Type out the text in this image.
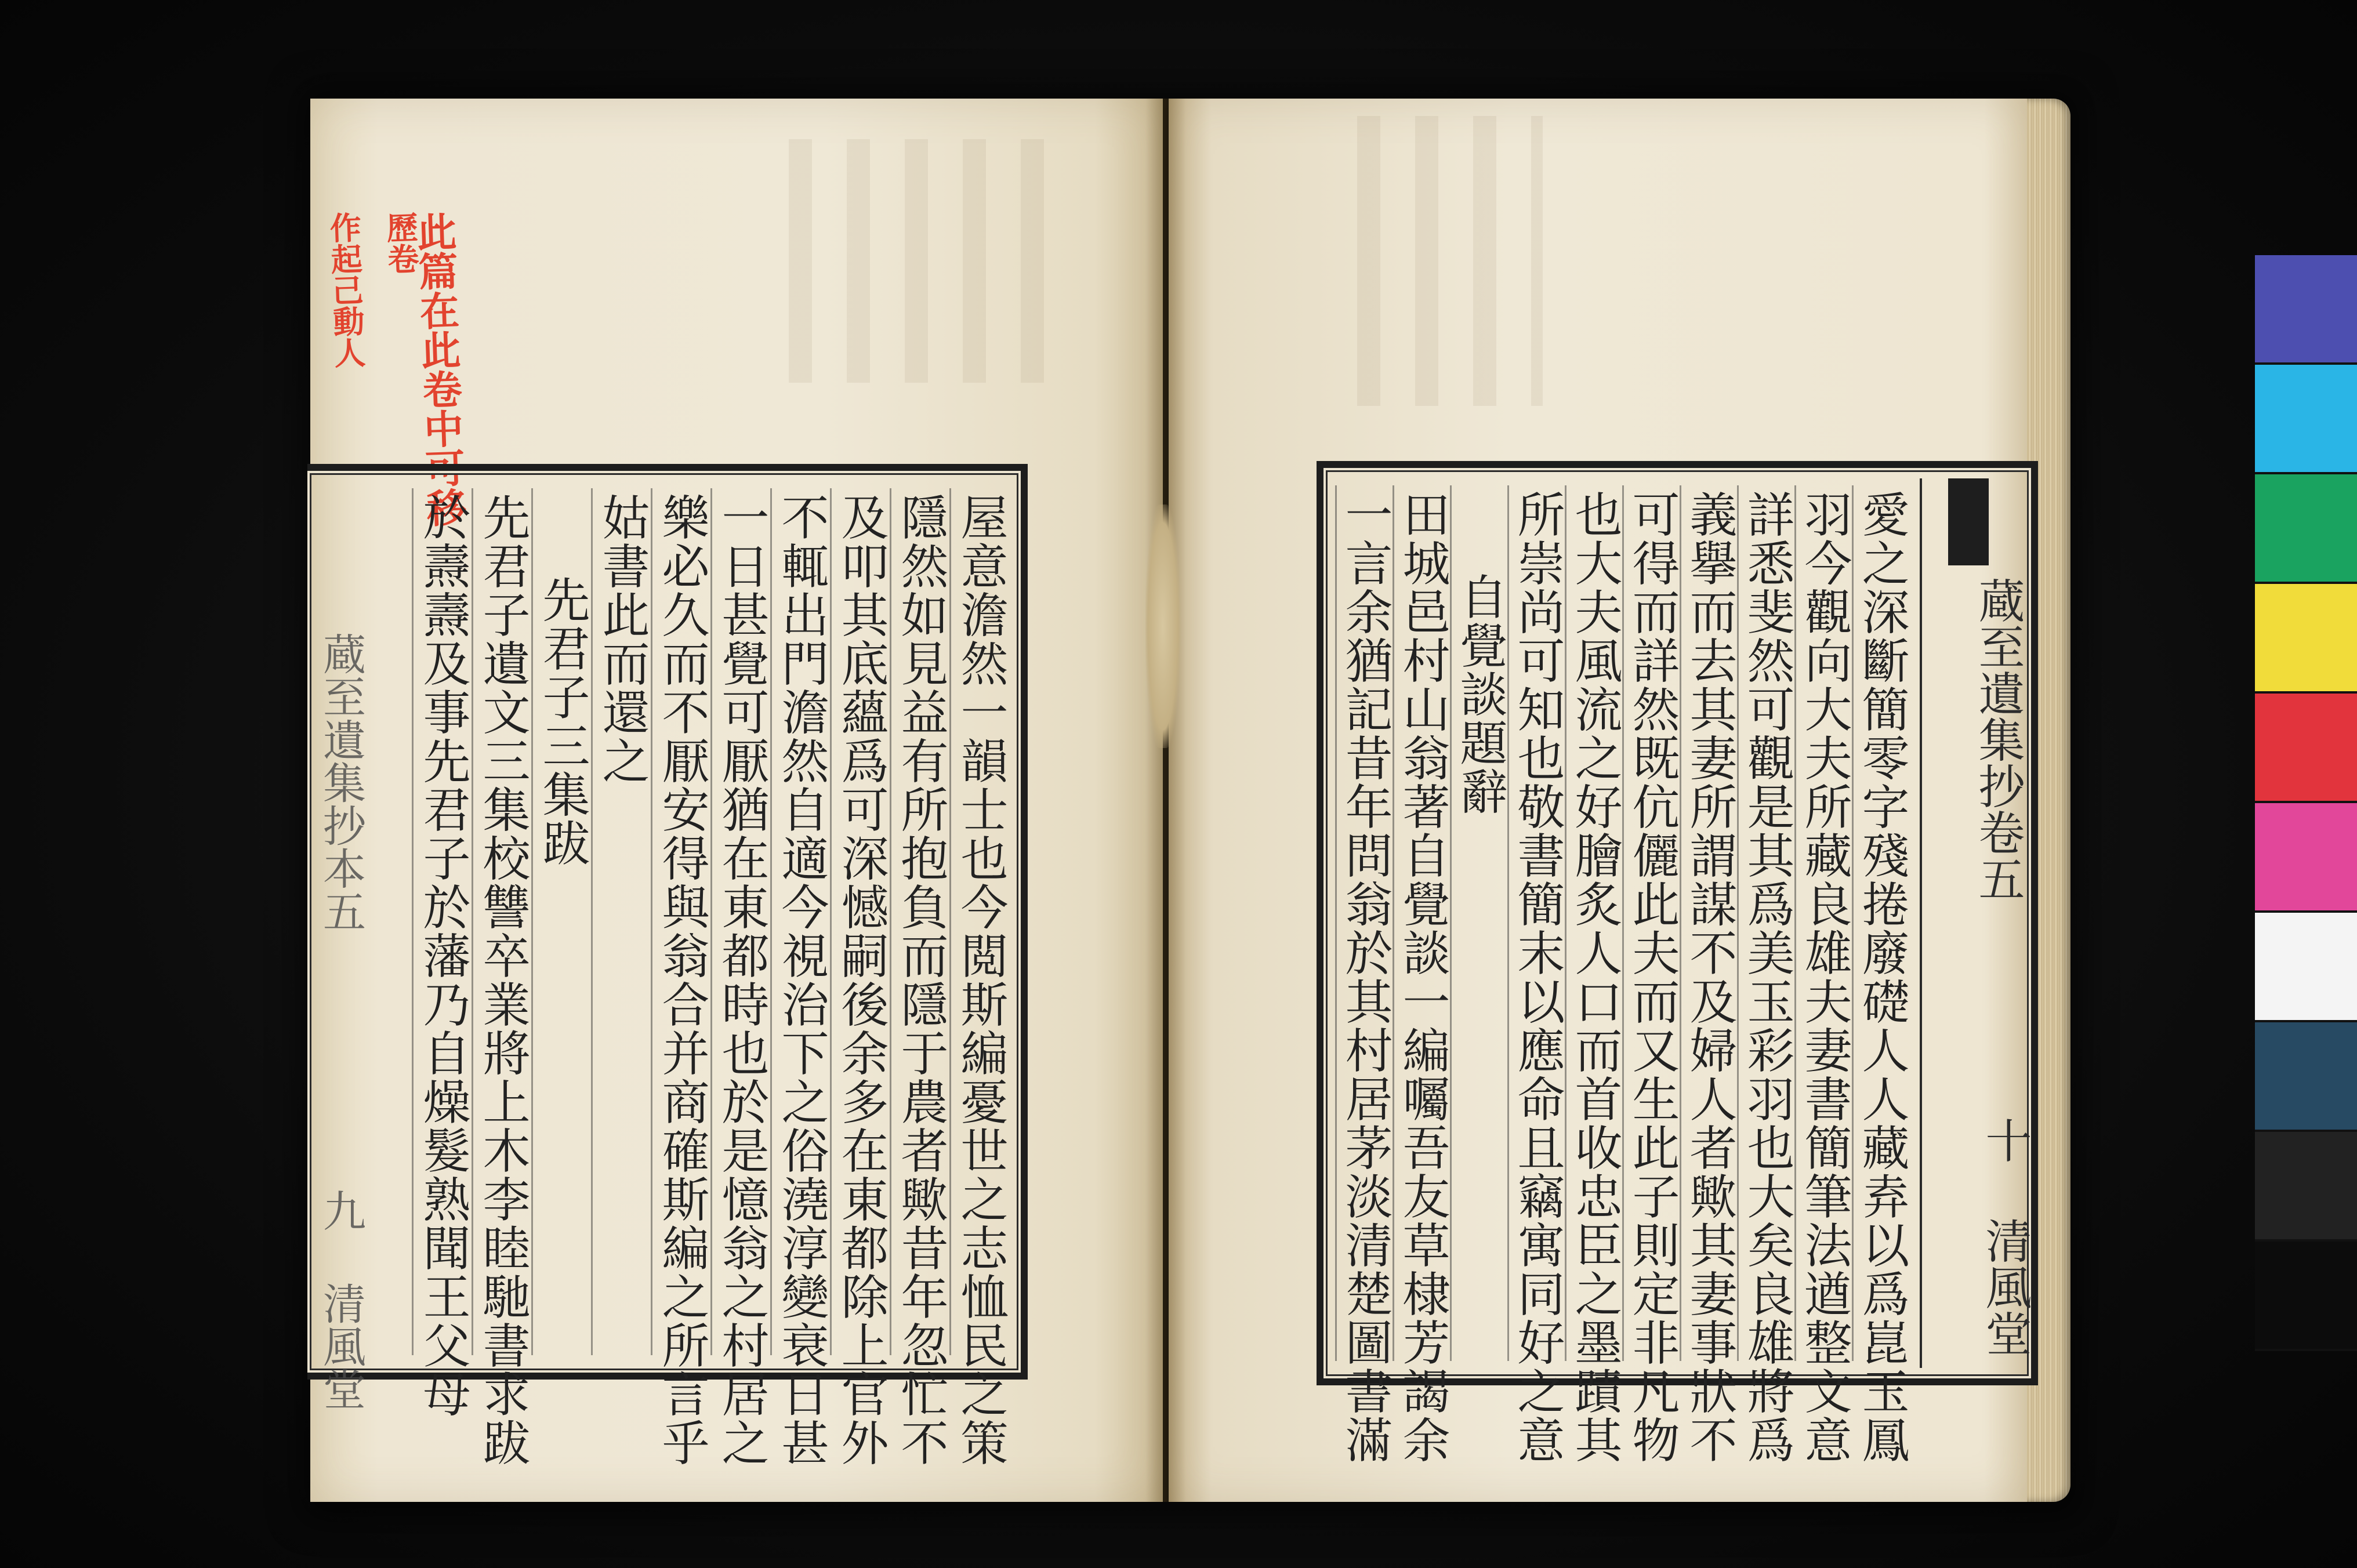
此篇在此卷中可移
歷卷
作起己動人
屋意澹然一韻士也今閲斯編憂世之志恤民之策
隱然如見益有所抱負而隱于農者歟昔年忽忙不
及叩其底蘊爲可深憾嗣後余多在東都除上官外
不輒出門澹然自適今視治下之俗澆淳變衰日甚
一日甚覺可厭猶在東都時也於是憶翁之村居之
樂必久而不厭安得與翁合并商確斯編之所言乎
姑書此而還之
先君子三集跋
先君子遺文三集校讐卒業將上木李睦馳書求跋
於燾燾及事先君子於藩乃自燥髮熟聞王父母
蔵至遺集抄本五
九 清風堂	愛之深斷簡零字殘捲廢礎人人藏弆以爲崑玉鳳
羽今觀向大夫所藏良雄夫妻書簡筆法遒整文意
詳悉斐然可觀是其爲美玉彩羽也大矣良雄將爲
義擧而去其妻所謂謀不及婦人者歟其妻事狀不
可得而詳然既伉儷此夫而又生此子則定非凡物
也大夫風流之好膾炙人口而首收忠臣之墨蹟其
所崇尚可知也敬書簡末以應命且竊寓同好之意
自覺談題辭
田城邑村山翁著自覺談一編囑吾友草棣芳謁余
一言余猶記昔年問翁於其村居茅淡清楚圖書滿	蔵至遺集抄卷五
十 清風堂
